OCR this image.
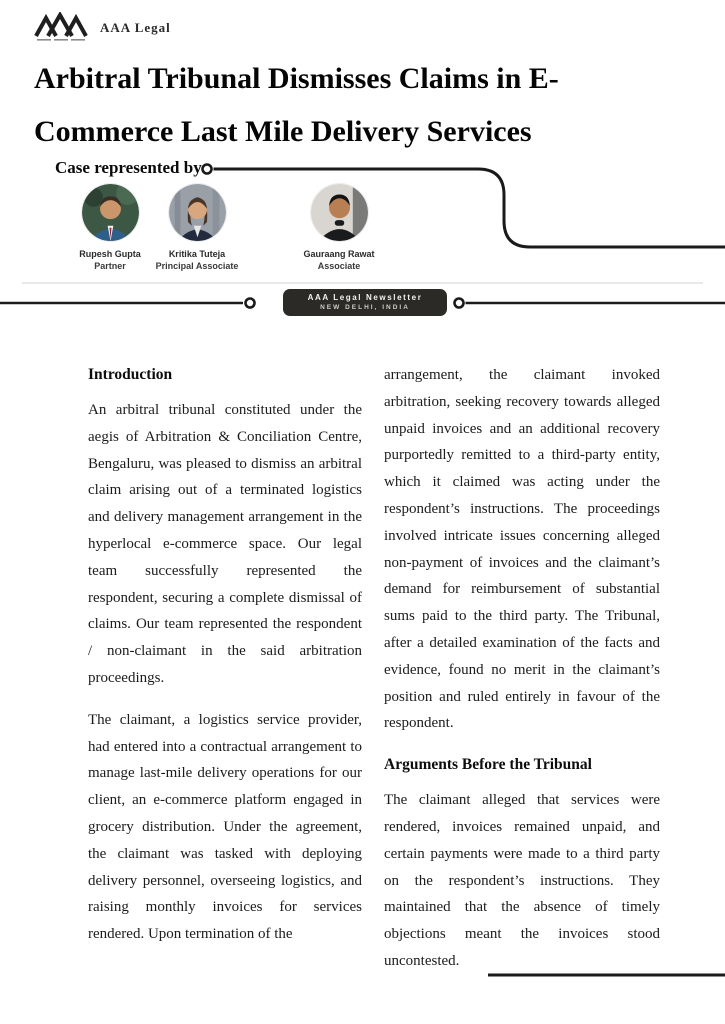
AAA Legal
Arbitral Tribunal Dismisses Claims in E-
Commerce Last Mile Delivery Services
Case represented by
Rupesh Gupta
Partner
Kritika Tuteja
Principal Associate
Gauraang Rawat
Associate
AAA Legal Newsletter
NEW DELHI, INDIA
Introduction

An arbitral tribunal constituted under the aegis of Arbitration & Conciliation Centre, Bengaluru, was pleased to dismiss an arbitral claim arising out of a terminated logistics and delivery management arrangement in the hyperlocal e-commerce space. Our legal team successfully represented the respondent, securing a complete dismissal of claims. Our team represented the respondent / non-claimant in the said arbitration proceedings.

The claimant, a logistics service provider, had entered into a contractual arrangement to manage last-mile delivery operations for our client, an e-commerce platform engaged in grocery distribution. Under the agreement, the claimant was tasked with deploying delivery personnel, overseeing logistics, and raising monthly invoices for services rendered. Upon termination of the

arrangement, the claimant invoked arbitration, seeking recovery towards alleged unpaid invoices and an additional recovery purportedly remitted to a third-party entity, which it claimed was acting under the respondent’s instructions. The proceedings involved intricate issues concerning alleged non-payment of invoices and the claimant’s demand for reimbursement of substantial sums paid to the third party. The Tribunal, after a detailed examination of the facts and evidence, found no merit in the claimant’s position and ruled entirely in favour of the respondent.

Arguments Before the Tribunal

The claimant alleged that services were rendered, invoices remained unpaid, and certain payments were made to a third party on the respondent’s instructions. They maintained that the absence of timely objections meant the invoices stood uncontested.
